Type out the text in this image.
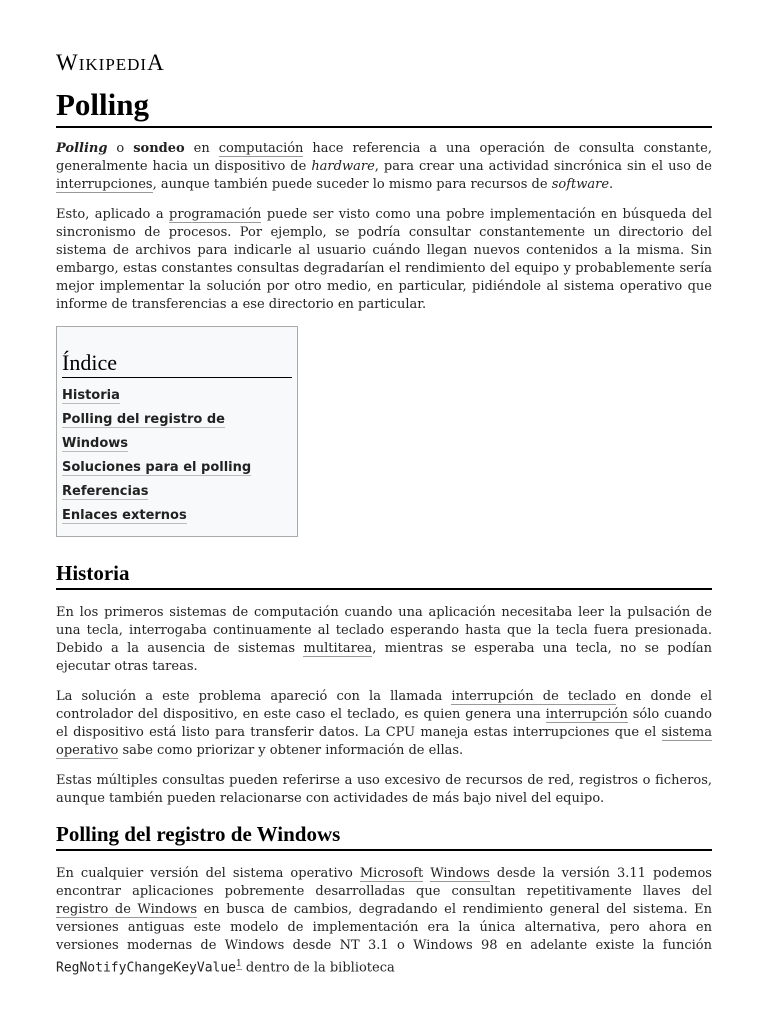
WIKIPEDIA
Polling

Polling o sondeo en computación hace referencia a una operación de consulta constante, generalmente hacia un dispositivo de hardware, para crear una actividad sincrónica sin el uso de interrupciones, aunque también puede suceder lo mismo para recursos de software.

Esto, aplicado a programación puede ser visto como una pobre implementación en búsqueda del sincronismo de procesos. Por ejemplo, se podría consultar constantemente un directorio del sistema de archivos para indicarle al usuario cuándo llegan nuevos contenidos a la misma. Sin embargo, estas constantes consultas degradarían el rendimiento del equipo y probablemente sería mejor implementar la solución por otro medio, en particular, pidiéndole al sistema operativo que informe de transferencias a ese directorio en particular.

Índice
Historia
Polling del registro de Windows
Soluciones para el polling
Referencias
Enlaces externos
Historia

En los primeros sistemas de computación cuando una aplicación necesitaba leer la pulsación de una tecla, interrogaba continuamente al teclado esperando hasta que la tecla fuera presionada. Debido a la ausencia de sistemas multitarea, mientras se esperaba una tecla, no se podían ejecutar otras tareas.

La solución a este problema apareció con la llamada interrupción de teclado en donde el controlador del dispositivo, en este caso el teclado, es quien genera una interrupción sólo cuando el dispositivo está listo para transferir datos. La CPU maneja estas interrupciones que el sistema operativo sabe como priorizar y obtener información de ellas.

Estas múltiples consultas pueden referirse a uso excesivo de recursos de red, registros o ficheros, aunque también pueden relacionarse con actividades de más bajo nivel del equipo.

Polling del registro de Windows

En cualquier versión del sistema operativo Microsoft Windows desde la versión 3.11 podemos encontrar aplicaciones pobremente desarrolladas que consultan repetitivamente llaves del registro de Windows en busca de cambios, degradando el rendimiento general del sistema. En versiones antiguas este modelo de implementación era la única alternativa, pero ahora en versiones modernas de Windows desde NT 3.1 o Windows 98 en adelante existe la función RegNotifyChangeKeyValue$^1$ dentro de la biblioteca
